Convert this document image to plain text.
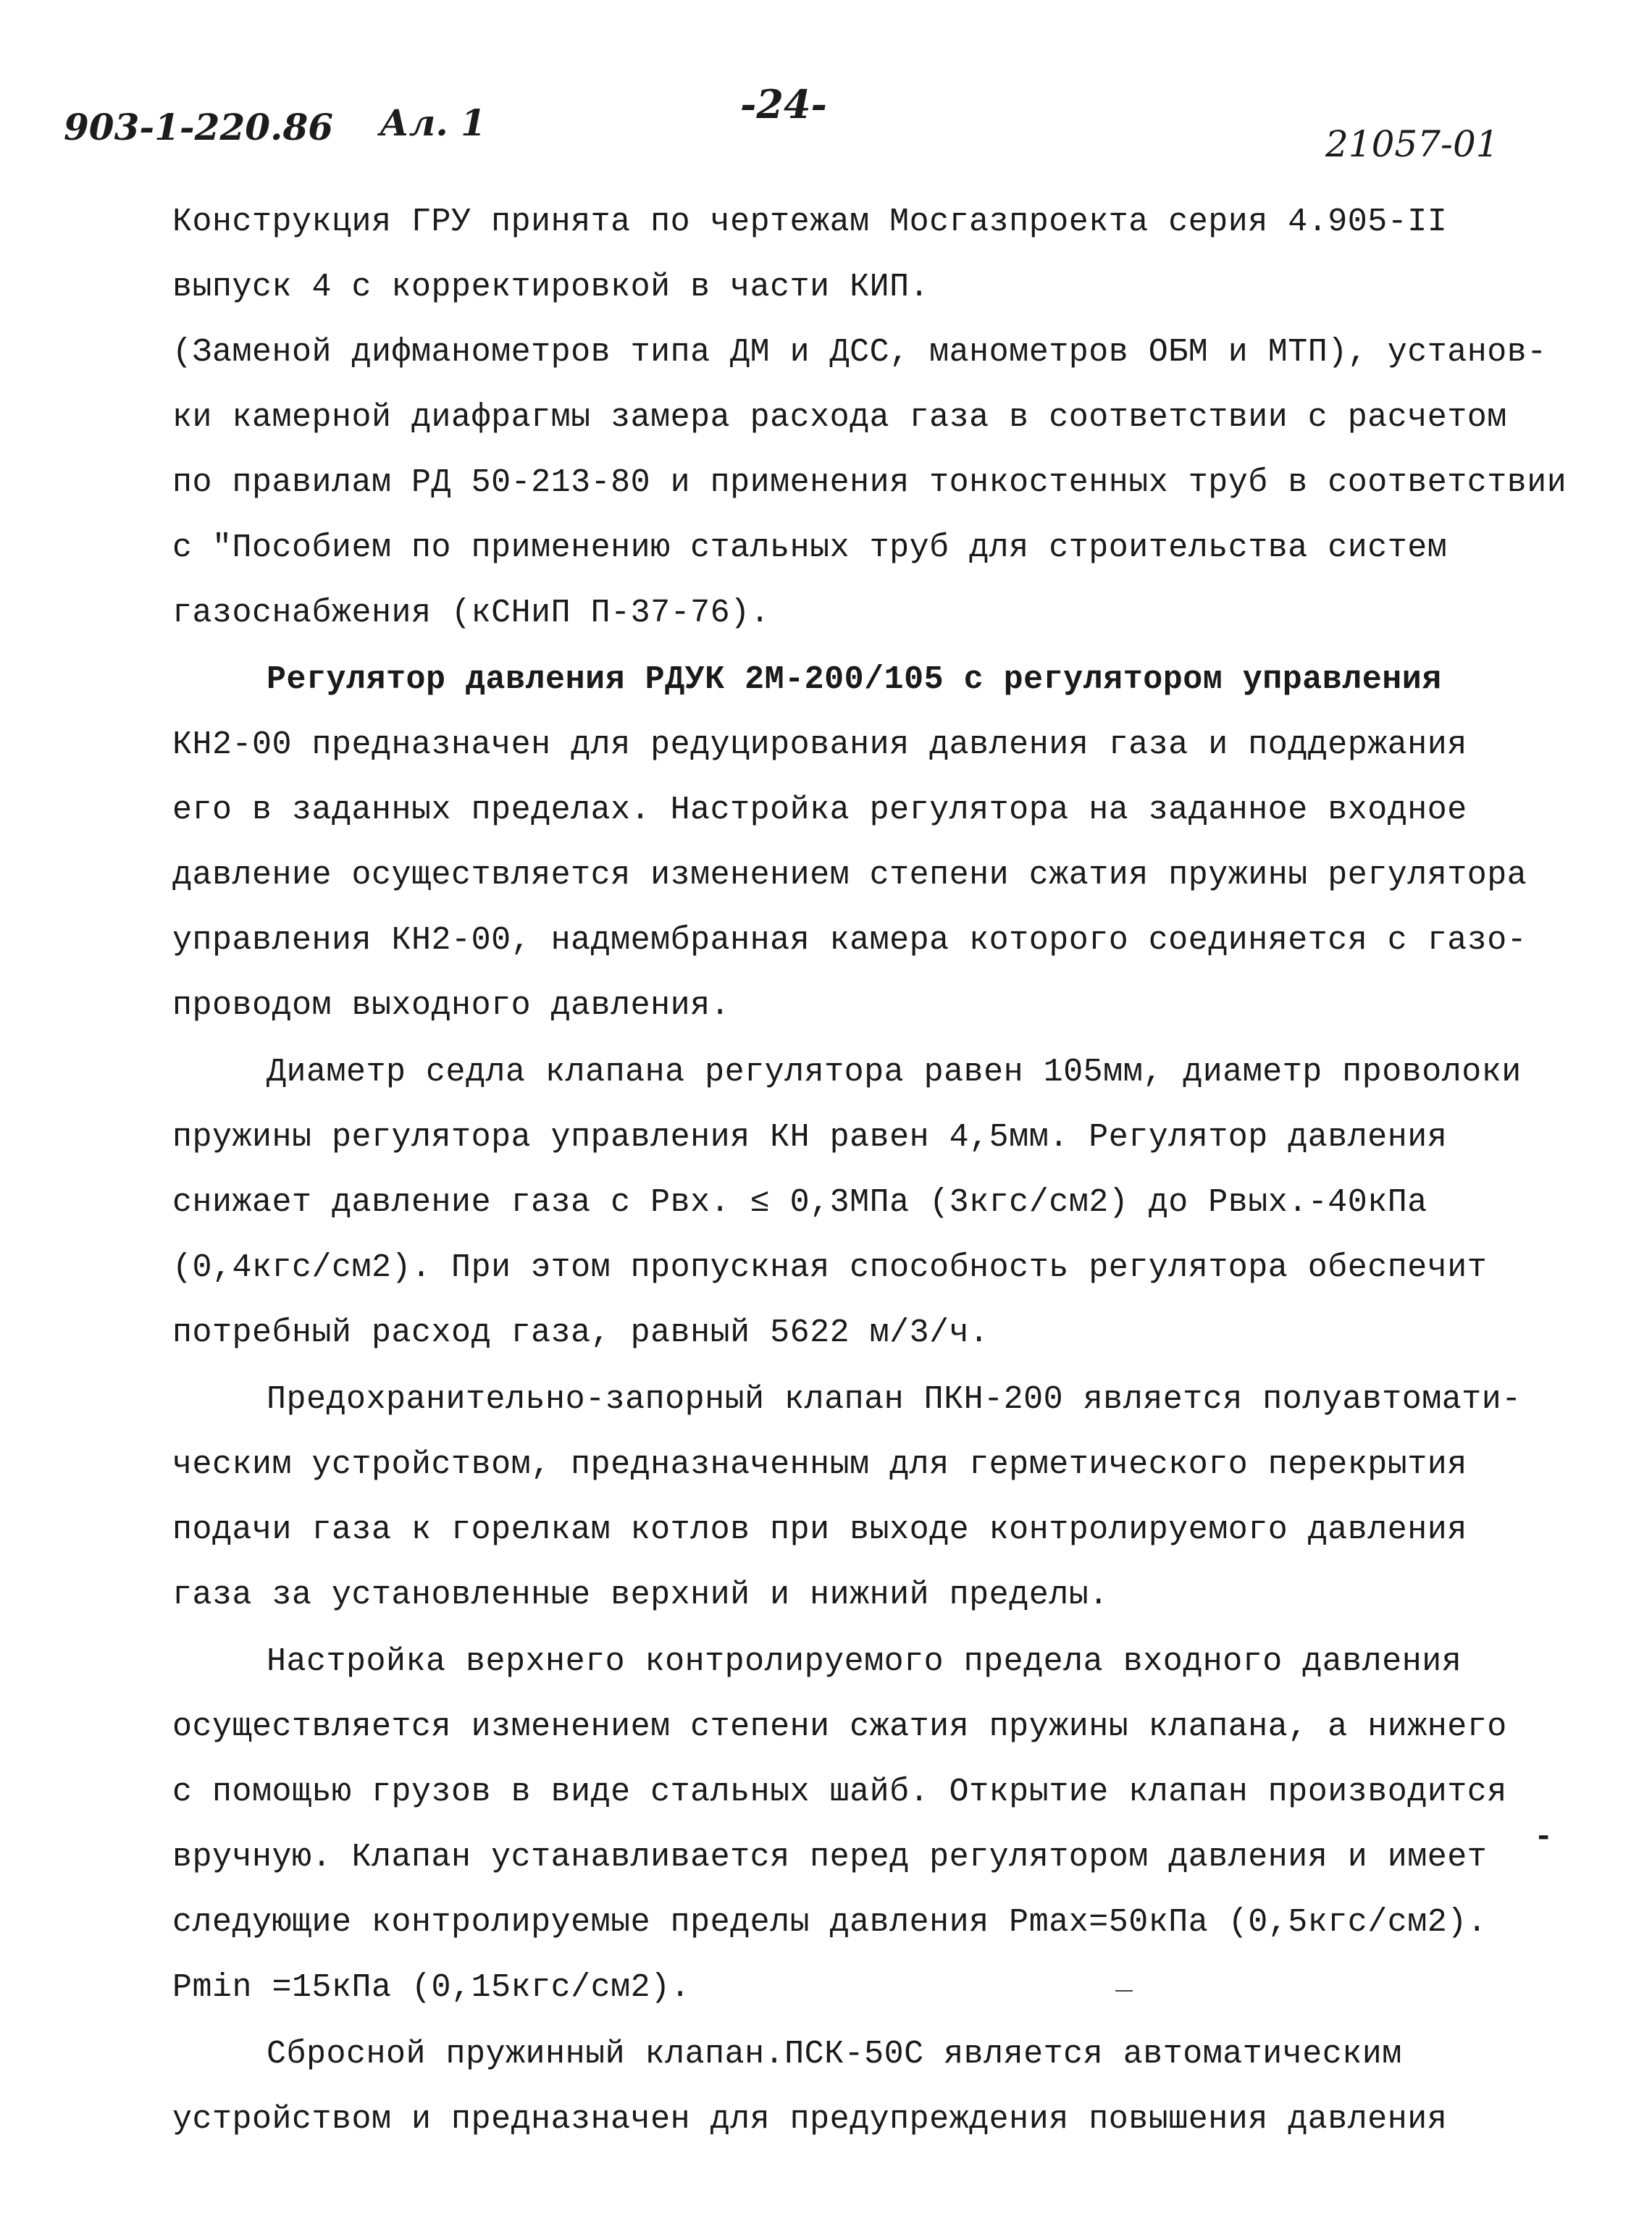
903-1-220.86 Ал. 1	-24-
21057-01
Конструкция ГРУ принята по чертежам Мосгазпроекта серия 4.905-II
выпуск 4 с корректировкой в части КИП.
(Заменой дифманометров типа ДМ и ДСС, манометров ОБМ и МТП), установ-
ки камерной диафрагмы замера расхода газа в соответствии с расчетом
по правилам РД 50-213-80 и применения тонкостенных труб в соответствии
с "Пособием по применению стальных труб для строительства систем
газоснабжения (кСНиП П-37-76).
Регулятор давления РДУК 2М-200/105 с регулятором управления
КН2-00 предназначен для редуцирования давления газа и поддержания
его в заданных пределах. Настройка регулятора на заданное входное
давление осуществляется изменением степени сжатия пружины регулятора
управления КН2-00, надмембранная камера которого соединяется с газо-
проводом выходного давления.
Диаметр седла клапана регулятора равен 105мм, диаметр проволоки
пружины регулятора управления КН равен 4,5мм. Регулятор давления
снижает давление газа с Рвх. ≤ 0,3МПа (3кгс/см2) до Рвых.-40кПа
(0,4кгс/см2). При этом пропускная способность регулятора обеспечит
потребный расход газа, равный 5622 м/3/ч.
Предохранительно-запорный клапан ПКН-200 является полуавтомати-
ческим устройством, предназначенным для герметического перекрытия
подачи газа к горелкам котлов при выходе контролируемого давления
газа за установленные верхний и нижний пределы.
Настройка верхнего контролируемого предела входного давления
осуществляется изменением степени сжатия пружины клапана, а нижнего
с помощью грузов в виде стальных шайб. Открытие клапан производится
вручную. Клапан устанавливается перед регулятором давления и имеет
следующие контролируемые пределы давления Pmax=50кПа (0,5кгс/см2).
Pmin =15кПа (0,15кгс/см2).
Сбросной пружинный клапан.ПСК-50С является автоматическим
устройством и предназначен для предупреждения повышения давления
-
